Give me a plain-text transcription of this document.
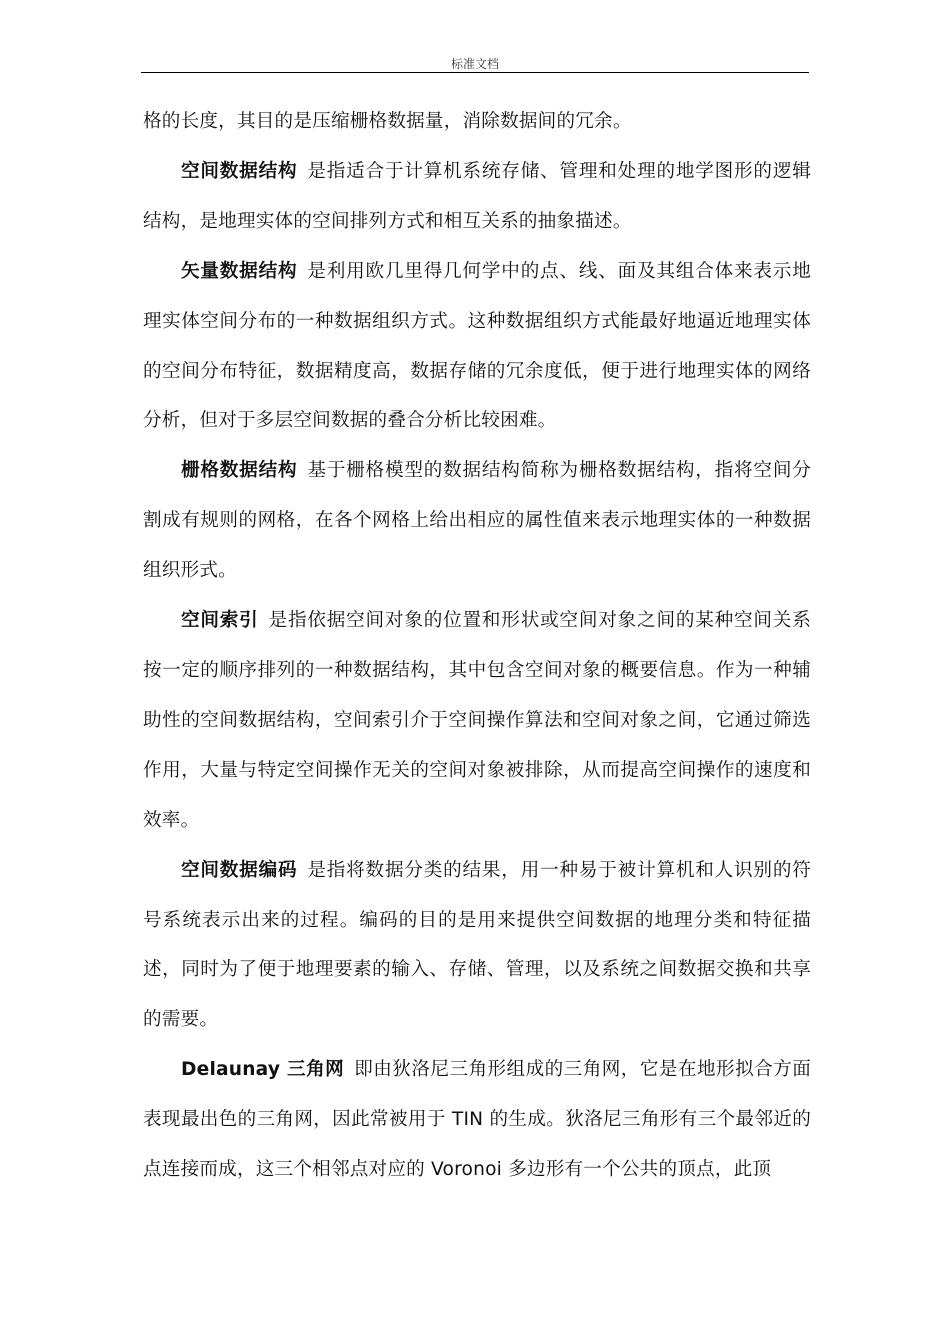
标准文档

格的长度，其目的是压缩栅格数据量，消除数据间的冗余。

空间数据结构 是指适合于计算机系统存储、管理和处理的地学图形的逻辑结构，是地理实体的空间排列方式和相互关系的抽象描述。

矢量数据结构 是利用欧几里得几何学中的点、线、面及其组合体来表示地理实体空间分布的一种数据组织方式。这种数据组织方式能最好地逼近地理实体的空间分布特征，数据精度高，数据存储的冗余度低，便于进行地理实体的网络分析，但对于多层空间数据的叠合分析比较困难。

栅格数据结构 基于栅格模型的数据结构简称为栅格数据结构，指将空间分割成有规则的网格，在各个网格上给出相应的属性值来表示地理实体的一种数据组织形式。

空间索引 是指依据空间对象的位置和形状或空间对象之间的某种空间关系按一定的顺序排列的一种数据结构，其中包含空间对象的概要信息。作为一种辅助性的空间数据结构，空间索引介于空间操作算法和空间对象之间，它通过筛选作用，大量与特定空间操作无关的空间对象被排除，从而提高空间操作的速度和效率。

空间数据编码 是指将数据分类的结果，用一种易于被计算机和人识别的符号系统表示出来的过程。编码的目的是用来提供空间数据的地理分类和特征描述，同时为了便于地理要素的输入、存储、管理，以及系统之间数据交换和共享的需要。

Delaunay 三角网 即由狄洛尼三角形组成的三角网，它是在地形拟合方面表现最出色的三角网，因此常被用于 TIN 的生成。狄洛尼三角形有三个最邻近的点连接而成，这三个相邻点对应的 Voronoi 多边形有一个公共的顶点，此顶
